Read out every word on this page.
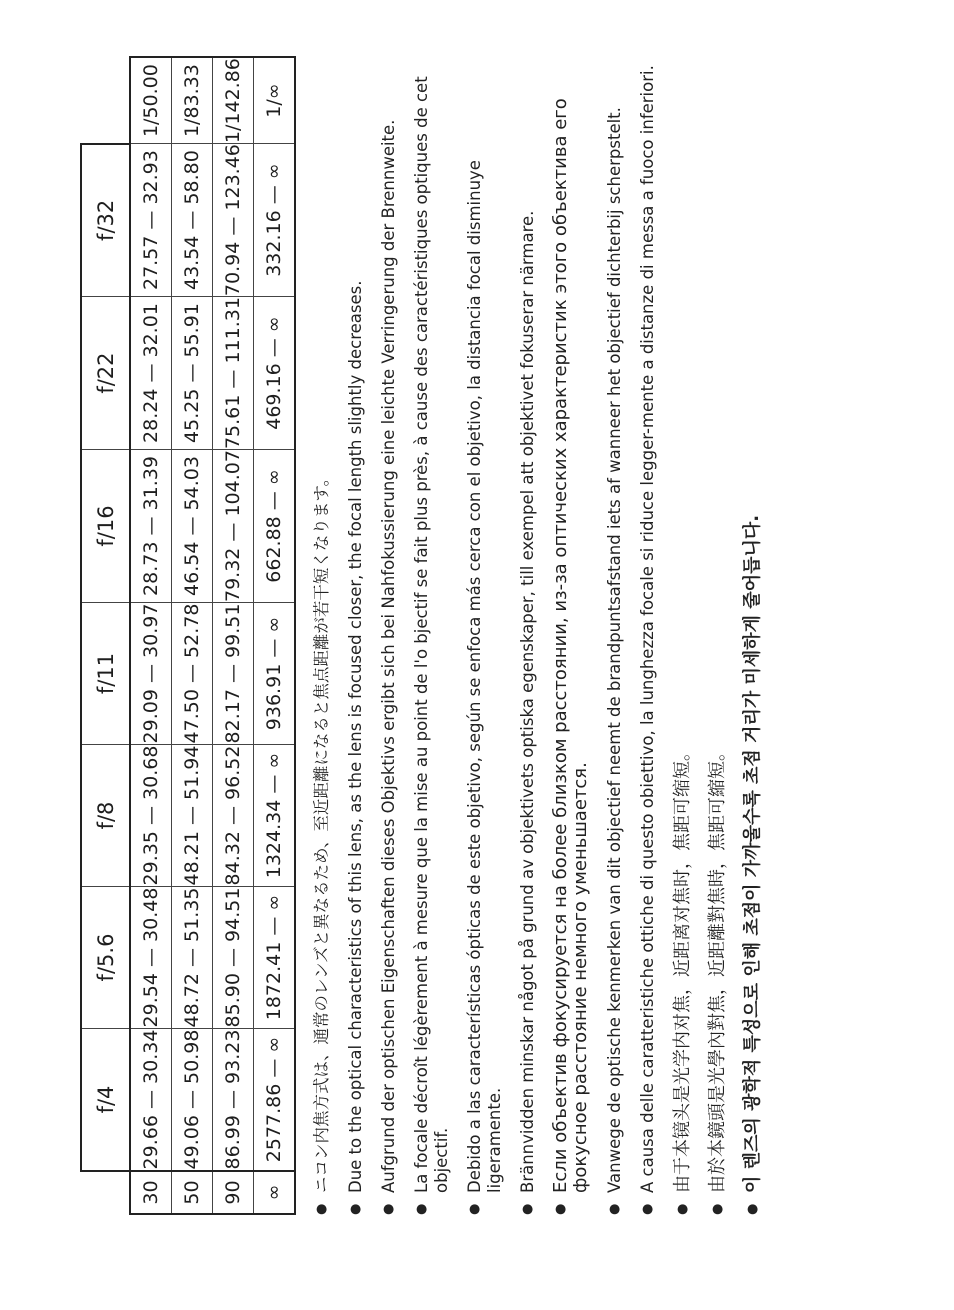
	f/4	f/5.6	f/8	f/11	f/16	f/22	f/32	
30	29.66 — 30.34	29.54 — 30.48	29.35 — 30.68	29.09 — 30.97	28.73 — 31.39	28.24 — 32.01	27.57 — 32.93	1/50.00
50	49.06 — 50.98	48.72 — 51.35	48.21 — 51.94	47.50 — 52.78	46.54 — 54.03	45.25 — 55.91	43.54 — 58.80	1/83.33
90	86.99 — 93.23	85.90 — 94.51	84.32 — 96.52	82.17 — 99.51	79.32 — 104.07	75.61 — 111.31	70.94 — 123.46	1/142.86
∞	2577.86 — ∞	1872.41 — ∞	1324.34 — ∞	936.91 — ∞	662.88 — ∞	469.16 — ∞	332.16 — ∞	1/∞
● ニコン内焦方式は、通常のレンズと異なるため、至近距離になると焦点距離が若干短くなります。 ● Due to the optical characteristics of this lens, as the lens is focused closer, the focal length slightly decreases. ● Aufgrund der optischen Eigenschaften dieses Objektivs ergibt sich bei Nahfokussierung eine leichte Verringerung der Brennweite. ● La focale décroît légèrement à mesure que la mise au point de l'o bjectif se fait plus près, à cause des caractéristiques optiques de cet objectif. ● Debido a las características ópticas de este objetivo, según se enfoca más cerca con el objetivo, la distancia focal disminuye ligeramente. ● Brännvidden minskar något på grund av objektivets optiska egenskaper, till exempel att objektivet fokuserar närmare. ● Если объектив фокусируется на более близком расстоянии, из-за оптических характеристик этого объектива его фокусное расстояние немного уменьшается. ● Vanwege de optische kenmerken van dit objectief neemt de brandpuntsafstand iets af wanneer het objectief dichterbij scherpstelt. ● A causa delle caratteristiche ottiche di questo obiettivo, la lunghezza focale si riduce legger-mente a distanze di messa a fuoco inferiori. ● 由于本镜头是光学内对焦，近距离对焦时，焦距可缩短。 ● 由於本鏡頭是光學內對焦，近距離對焦時，焦距可縮短。 ● 이 렌즈의 광학적 특성으로 인해 초점이 가까울수록 초점 거리가 미세하게 줄어듭니다.
